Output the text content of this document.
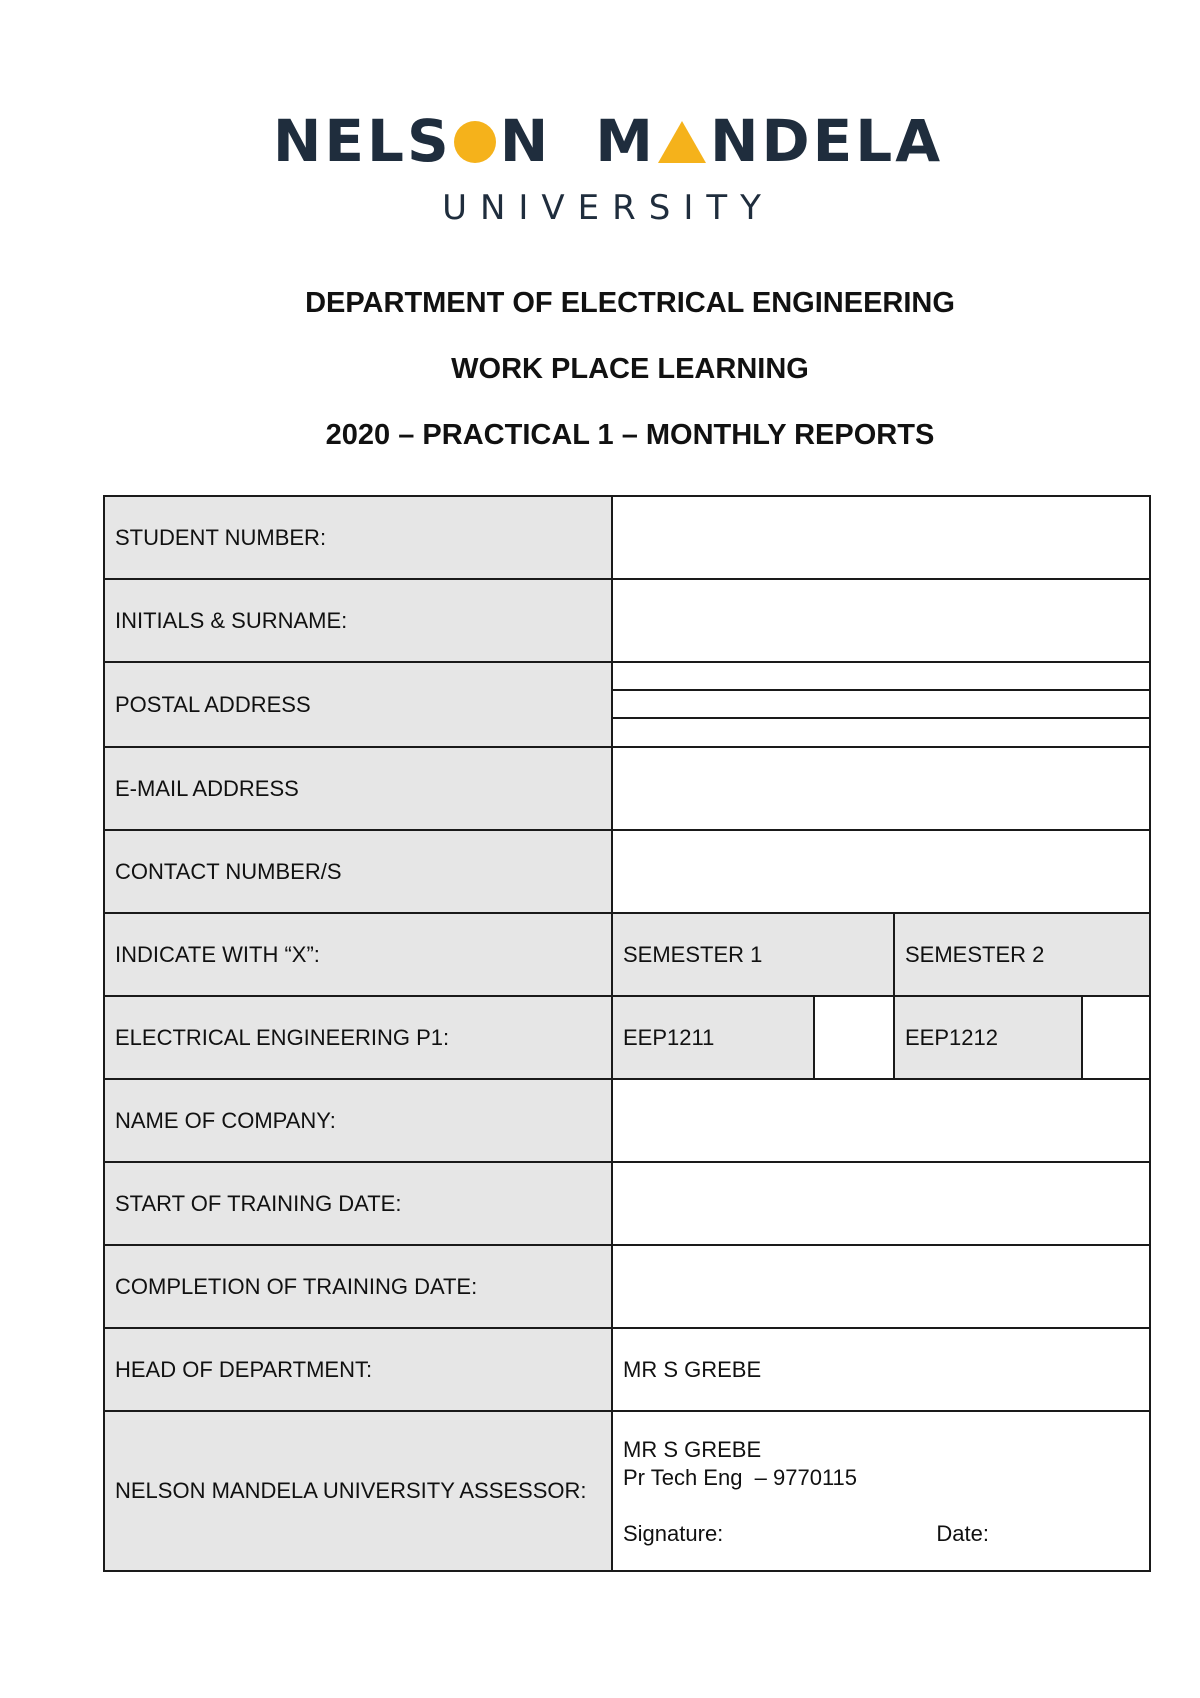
NELS N M NDELA
UNIVERSITY
DEPARTMENT OF ELECTRICAL ENGINEERING
WORK PLACE LEARNING
2020 – PRACTICAL 1 – MONTHLY REPORTS
STUDENT NUMBER:				
INITIALS & SURNAME:				
POSTAL ADDRESS				

E-MAIL ADDRESS				
CONTACT NUMBER/S				
INDICATE WITH “X”:	SEMESTER 1		SEMESTER 2	
ELECTRICAL ENGINEERING P1:	EEP1211		EEP1212	
NAME OF COMPANY:				
START OF TRAINING DATE:				
COMPLETION OF TRAINING DATE:				
HEAD OF DEPARTMENT:	MR S GREBE			
NELSON MANDELA UNIVERSITY ASSESSOR:	MR S GREBE
Pr Tech Eng  – 9770115
Signature: Date:			
